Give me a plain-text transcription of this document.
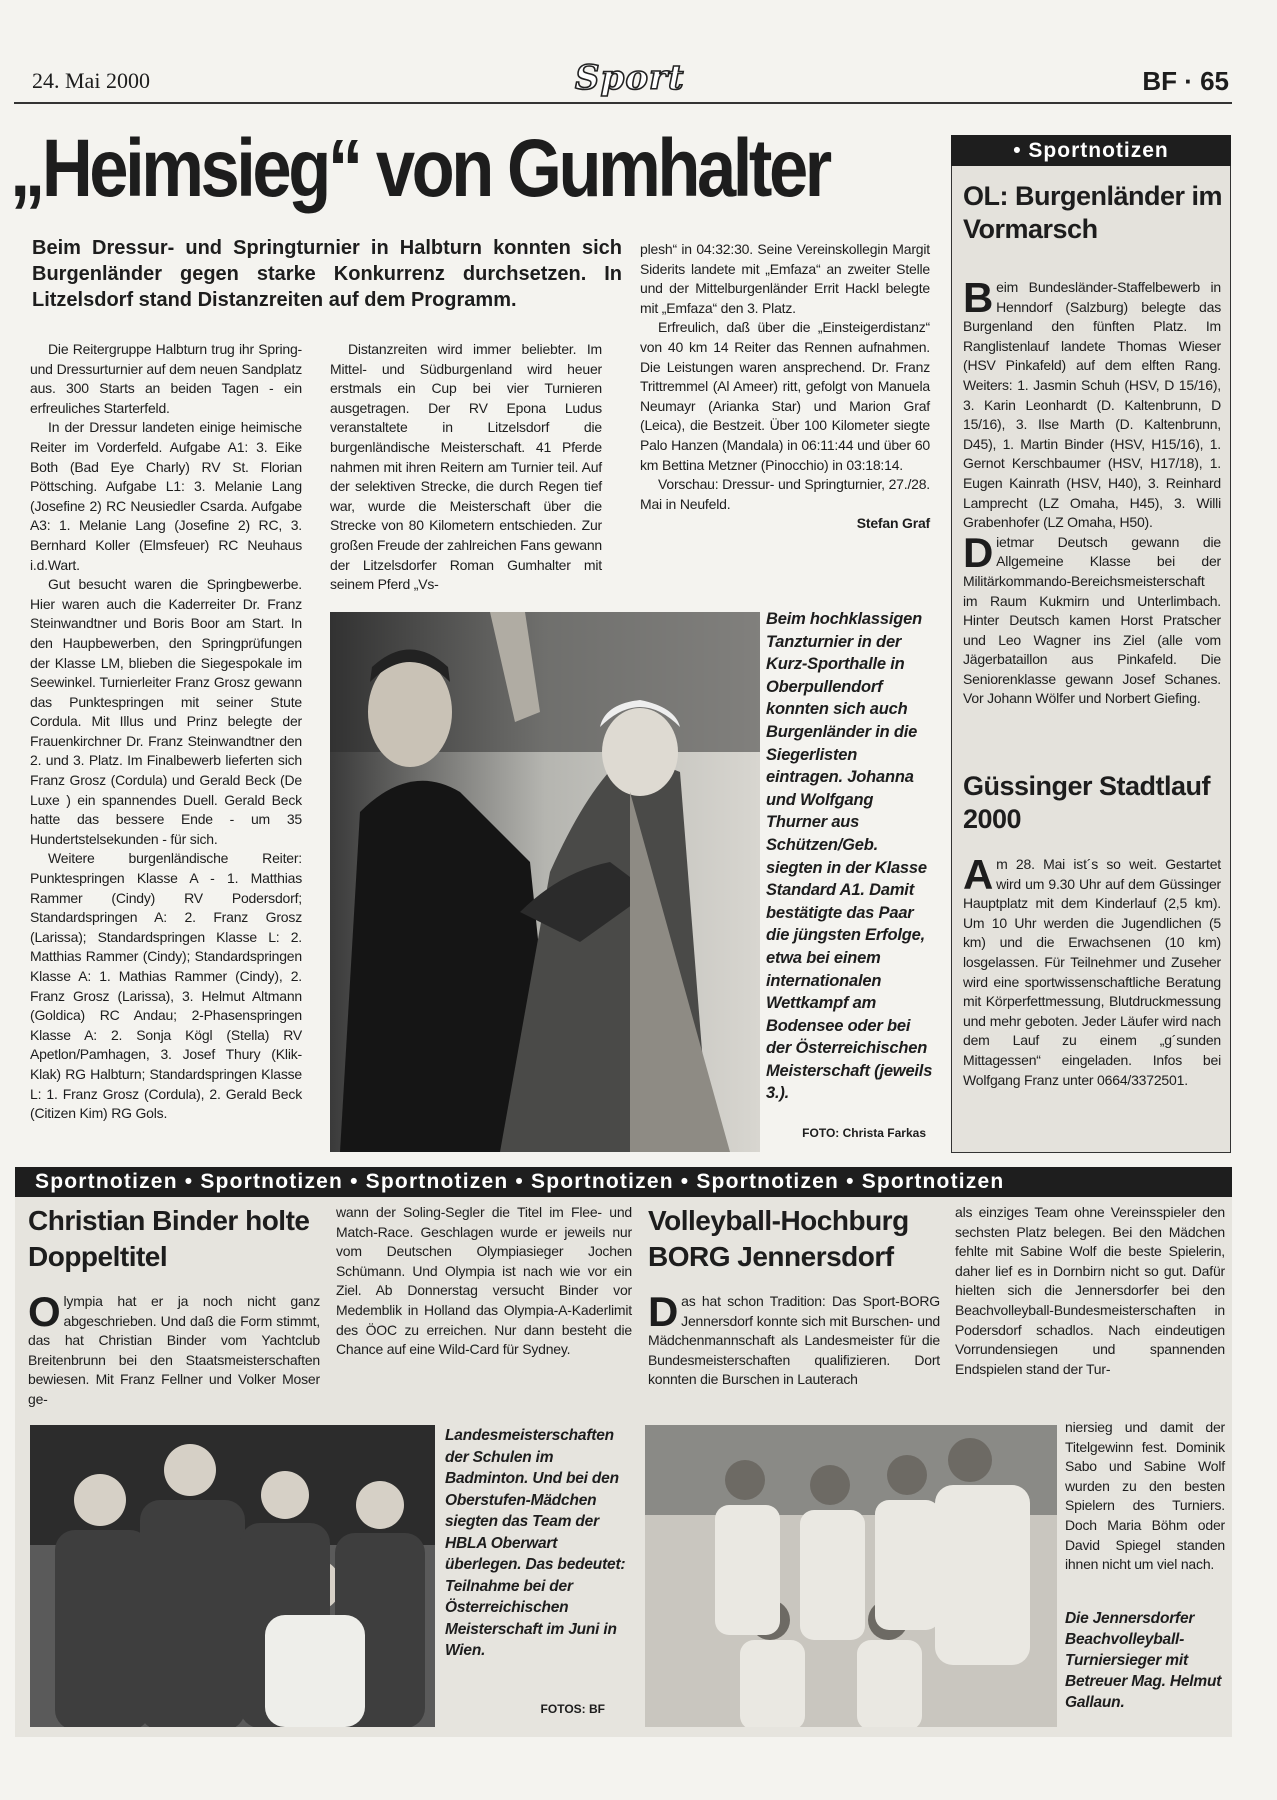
24. Mai 2000	Sport	BF · 65
„Heimsieg“ von Gumhalter
Beim Dressur- und Springturnier in Halbturn konnten sich Burgenländer gegen starke Konkurrenz durchsetzen. In Litzelsdorf stand Distanzreiten auf dem Programm.

Die Reitergruppe Halbturn trug ihr Spring- und Dressurturnier auf dem neuen Sandplatz aus. 300 Starts an beiden Tagen - ein erfreuliches Starterfeld.

In der Dressur landeten einige heimische Reiter im Vorderfeld. Aufgabe A1: 3. Eike Both (Bad Eye Charly) RV St. Florian Pöttsching. Aufgabe L1: 3. Melanie Lang (Josefine 2) RC Neusiedler Csarda. Aufgabe A3: 1. Melanie Lang (Josefine 2) RC, 3. Bernhard Koller (Elmsfeuer) RC Neuhaus i.d.Wart.

Gut besucht waren die Springbewerbe. Hier waren auch die Kaderreiter Dr. Franz Steinwandtner und Boris Boor am Start. In den Haupbewerben, den Springprüfungen der Klasse LM, blieben die Siegespokale im Seewinkel. Turnierleiter Franz Grosz gewann das Punktespringen mit seiner Stute Cordula. Mit Illus und Prinz belegte der Frauenkirchner Dr. Franz Steinwandtner den 2. und 3. Platz. Im Finalbewerb lieferten sich Franz Grosz (Cordula) und Gerald Beck (De Luxe ) ein spannendes Duell. Gerald Beck hatte das bessere Ende - um 35 Hundertstelsekunden - für sich.

Weitere burgenländische Reiter: Punktespringen Klasse A - 1. Matthias Rammer (Cindy) RV Podersdorf; Standardspringen A: 2. Franz Grosz (Larissa); Standardspringen Klasse L: 2. Matthias Rammer (Cindy); Standardspringen Klasse A: 1. Mathias Rammer (Cindy), 2. Franz Grosz (Larissa), 3. Helmut Altmann (Goldica) RC Andau; 2-Phasenspringen Klasse A: 2. Sonja Kögl (Stella) RV Apetlon/Pamhagen, 3. Josef Thury (Klik-Klak) RG Halbturn; Standardspringen Klasse L: 1. Franz Grosz (Cordula), 2. Gerald Beck (Citizen Kim) RG Gols.

Distanzreiten wird immer beliebter. Im Mittel- und Südburgenland wird heuer erstmals ein Cup bei vier Turnieren ausgetragen. Der RV Epona Ludus veranstaltete in Litzelsdorf die burgenländische Meisterschaft. 41 Pferde nahmen mit ihren Reitern am Turnier teil. Auf der selektiven Strecke, die durch Regen tief war, wurde die Meisterschaft über die Strecke von 80 Kilometern entschieden. Zur großen Freude der zahlreichen Fans gewann der Litzelsdorfer Roman Gumhalter mit seinem Pferd „Vs-

plesh“ in 04:32:30. Seine Vereinskollegin Margit Siderits landete mit „Emfaza“ an zweiter Stelle und der Mittelburgenländer Errit Hackl belegte mit „Emfaza“ den 3. Platz.

Erfreulich, daß über die „Einsteigerdistanz“ von 40 km 14 Reiter das Rennen aufnahmen. Die Leistungen waren ansprechend. Dr. Franz Trittremmel (Al Ameer) ritt, gefolgt von Manuela Neumayr (Arianka Star) und Marion Graf (Leica), die Bestzeit. Über 100 Kilometer siegte Palo Hanzen (Mandala) in 06:11:44 und über 60 km Bettina Metzner (Pinocchio) in 03:18:14.

Vorschau: Dressur- und Springturnier, 27./28. Mai in Neufeld.

Stefan Graf
Beim hochklassigen Tanzturnier in der Kurz-Sporthalle in Oberpullendorf konnten sich auch Burgenländer in die Siegerlisten eintragen. Johanna und Wolfgang Thurner aus Schützen/Geb. siegten in der Klasse Standard A1. Damit bestätigte das Paar die jüngsten Erfolge, etwa bei einem internationalen Wettkampf am Bodensee oder bei der Österreichischen Meisterschaft (jeweils 3.).
FOTO: Christa Farkas
• Sportnotizen
OL: Burgenländer im Vormarsch
Beim Bundesländer-Staffelbewerb in Henndorf (Salzburg) belegte das Burgenland den fünften Platz. Im Ranglistenlauf landete Thomas Wieser (HSV Pinkafeld) auf dem elften Rang. Weiters: 1. Jasmin Schuh (HSV, D 15/16), 3. Karin Leonhardt (D. Kaltenbrunn, D 15/16), 3. Ilse Marth (D. Kaltenbrunn, D45), 1. Martin Binder (HSV, H15/16), 1. Gernot Kerschbaumer (HSV, H17/18), 1. Eugen Kainrath (HSV, H40), 3. Reinhard Lamprecht (LZ Omaha, H45), 3. Willi Grabenhofer (LZ Omaha, H50).
Dietmar Deutsch gewann die Allgemeine Klasse bei der Militärkommando-Bereichsmeisterschaft im Raum Kukmirn und Unterlimbach. Hinter Deutsch kamen Horst Pratscher und Leo Wagner ins Ziel (alle vom Jägerbataillon aus Pinkafeld. Die Seniorenklasse gewann Josef Schanes. Vor Johann Wölfer und Norbert Giefing.
Güssinger Stadtlauf 2000
Am 28. Mai ist´s so weit. Gestartet wird um 9.30 Uhr auf dem Güssinger Hauptplatz mit dem Kinderlauf (2,5 km). Um 10 Uhr werden die Jugendlichen (5 km) und die Erwachsenen (10 km) losgelassen. Für Teilnehmer und Zuseher wird eine sportwissenschaftliche Beratung mit Körperfettmessung, Blutdruckmessung und mehr geboten. Jeder Läufer wird nach dem Lauf zu einem „g´sunden Mittagessen“ eingeladen. Infos bei Wolfgang Franz unter 0664/3372501.
Sportnotizen • Sportnotizen • Sportnotizen • Sportnotizen • Sportnotizen • Sportnotizen
Christian Binder holte Doppeltitel
Olympia hat er ja noch nicht ganz abgeschrieben. Und daß die Form stimmt, das hat Christian Binder vom Yachtclub Breitenbrunn bei den Staatsmeisterschaften bewiesen. Mit Franz Fellner und Volker Moser ge-
wann der Soling-Segler die Titel im Flee- und Match-Race. Geschlagen wurde er jeweils nur vom Deutschen Olympiasieger Jochen Schümann. Und Olympia ist nach wie vor ein Ziel. Ab Donnerstag versucht Binder vor Medemblik in Holland das Olympia-A-Kaderlimit des ÖOC zu erreichen. Nur dann besteht die Chance auf eine Wild-Card für Sydney.
Landesmeisterschaften der Schulen im Badminton. Und bei den Oberstufen-Mädchen siegten das Team der HBLA Oberwart überlegen. Das bedeutet: Teilnahme bei der Österreichischen Meisterschaft im Juni in Wien.
FOTOS: BF
Volleyball-Hochburg BORG Jennersdorf
Das hat schon Tradition: Das Sport-BORG Jennersdorf konnte sich mit Burschen- und Mädchenmannschaft als Landesmeister für die Bundesmeisterschaften qualifizieren. Dort konnten die Burschen in Lauterach
als einziges Team ohne Vereinsspieler den sechsten Platz belegen. Bei den Mädchen fehlte mit Sabine Wolf die beste Spielerin, daher lief es in Dornbirn nicht so gut. Dafür hielten sich die Jennersdorfer bei den Beachvolleyball-Bundesmeisterschaften in Podersdorf schadlos. Nach eindeutigen Vorrundensiegen und spannenden Endspielen stand der Tur-
niersieg und damit der Titelgewinn fest. Dominik Sabo und Sabine Wolf wurden zu den besten Spielern des Turniers. Doch Maria Böhm oder David Spiegel standen ihnen nicht um viel nach.
Die Jennersdorfer Beachvolleyball-Turniersieger mit Betreuer Mag. Helmut Gallaun.
